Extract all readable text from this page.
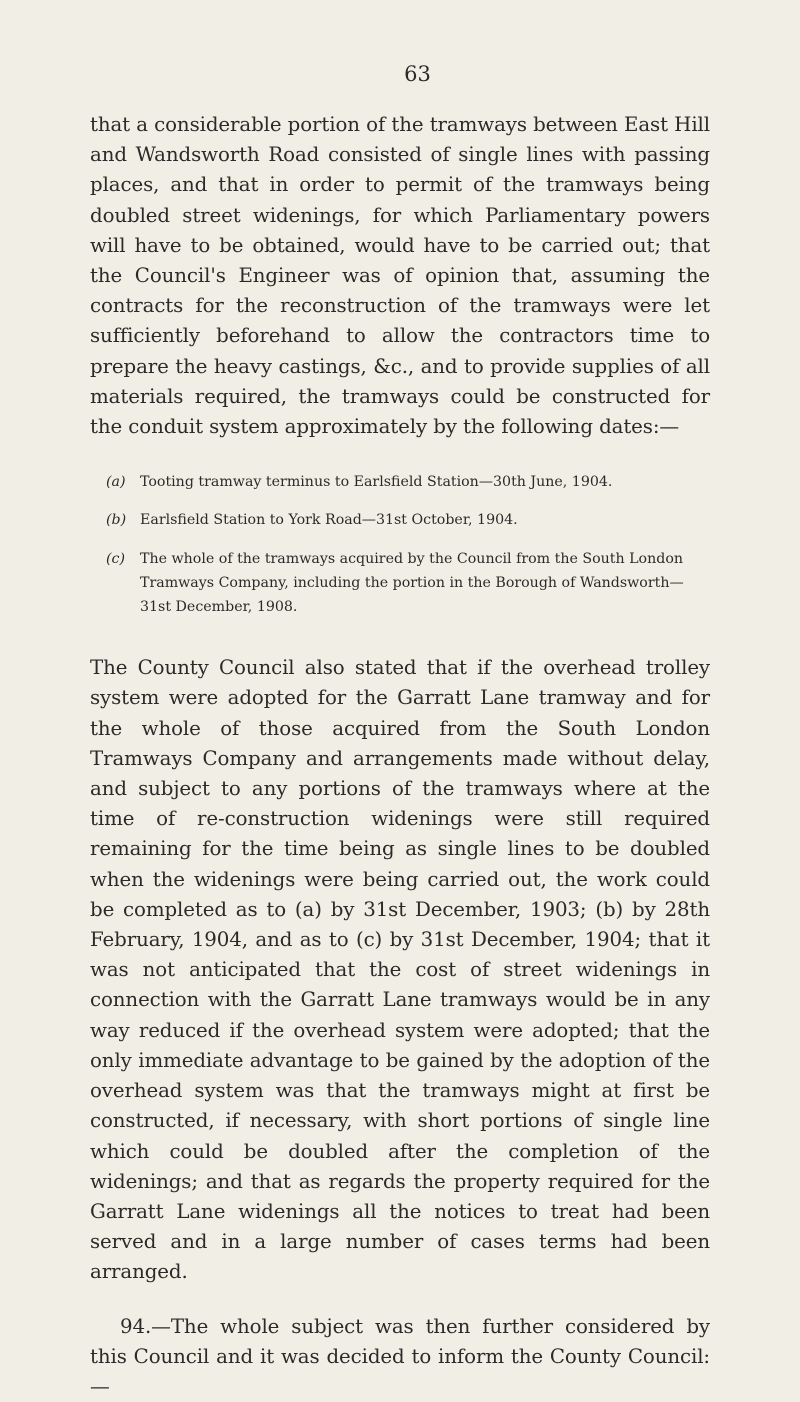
63

that a considerable portion of the tramways between East Hill and Wandsworth Road consisted of single lines with passing places, and that in order to permit of the tramways being doubled street widenings, for which Parliamentary powers will have to be obtained, would have to be carried out; that the Council's Engineer was of opinion that, assuming the contracts for the reconstruction of the tramways were let sufficiently beforehand to allow the contractors time to prepare the heavy castings, &c., and to provide supplies of all materials required, the tramways could be constructed for the conduit system approximately by the following dates:—

(a)	Tooting tramway terminus to Earlsfield Station—30th June, 1904.
(b) Earlsfield Station to York Road—31st October, 1904.
(c)	The whole of the tramways acquired by the Council from the South London Tramways Company, including the portion in the Borough of Wandsworth—31st December, 1908.

The County Council also stated that if the overhead trolley system were adopted for the Garratt Lane tramway and for the whole of those acquired from the South London Tramways Company and arrangements made without delay, and subject to any portions of the tramways where at the time of re-construction widenings were still required remaining for the time being as single lines to be doubled when the widenings were being carried out, the work could be completed as to (a) by 31st December, 1903; (b) by 28th February, 1904, and as to (c) by 31st December, 1904; that it was not anticipated that the cost of street widenings in connection with the Garratt Lane tramways would be in any way reduced if the overhead system were adopted; that the only immediate advantage to be gained by the adoption of the overhead system was that the tramways might at first be constructed, if necessary, with short portions of single line which could be doubled after the completion of the widenings; and that as regards the property required for the Garratt Lane widenings all the notices to treat had been served and in a large number of cases terms had been arranged.

94.—The whole subject was then further considered by this Council and it was decided to inform the County Council:—
